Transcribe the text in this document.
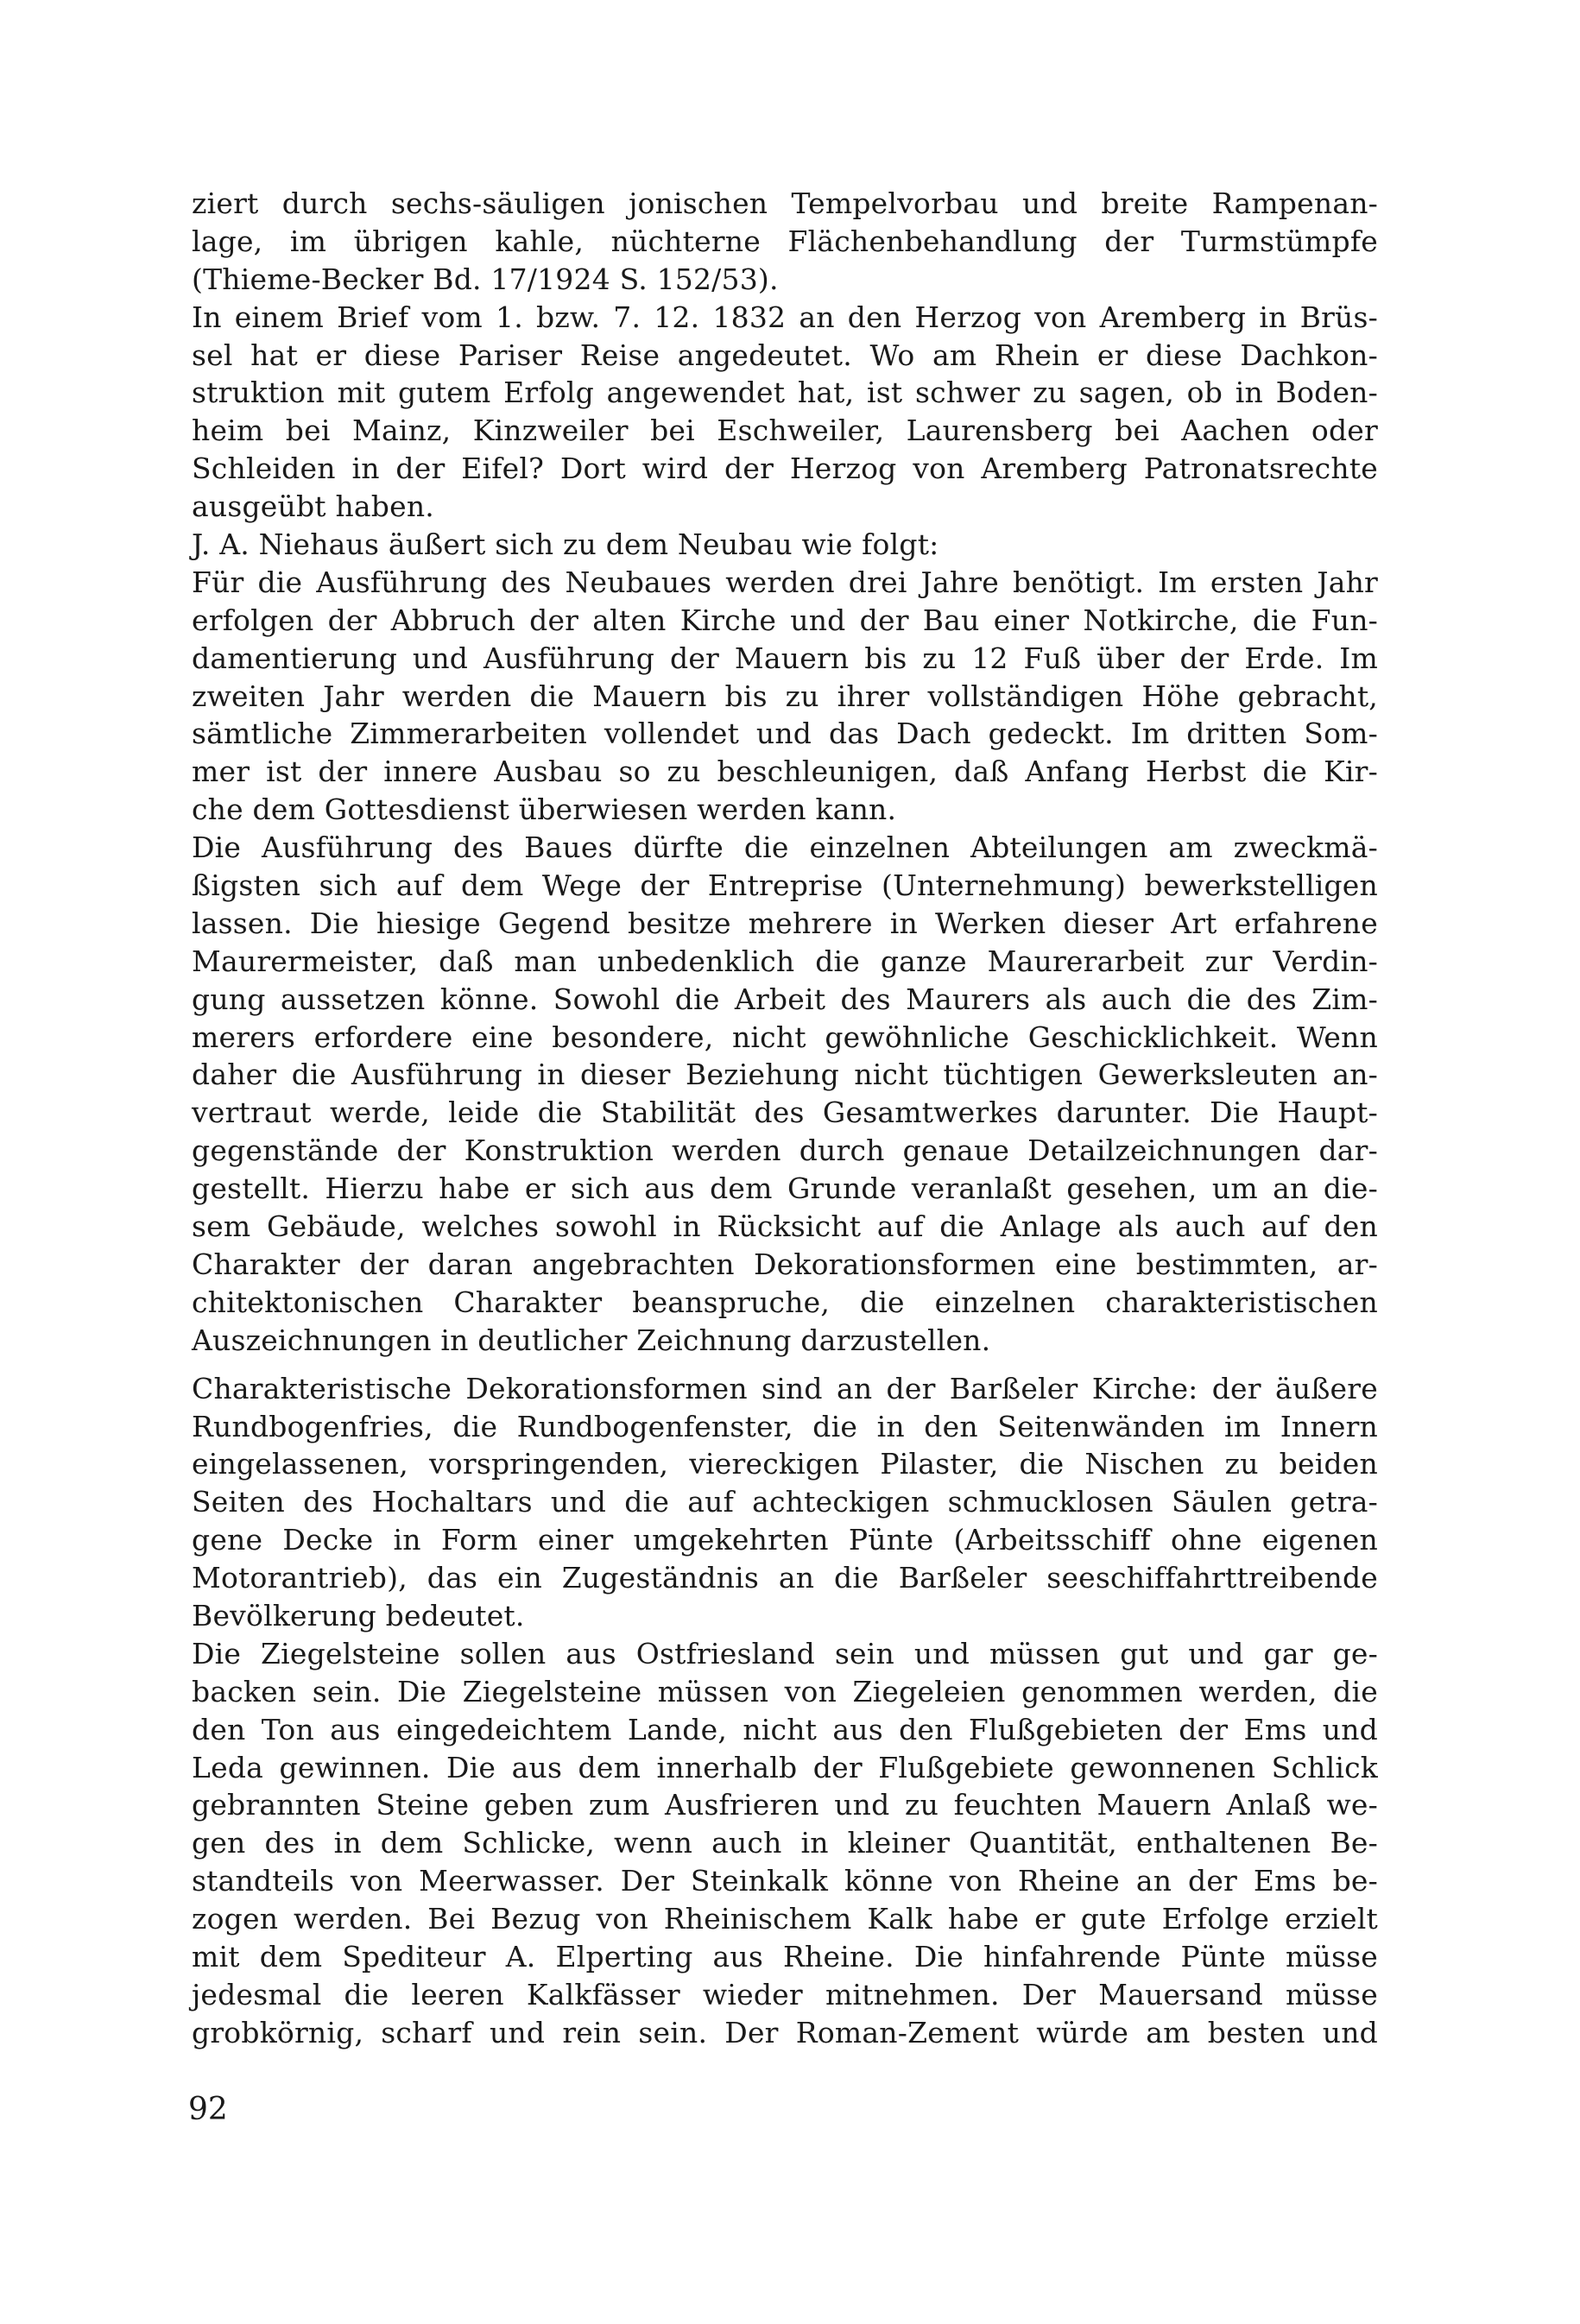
ziert durch sechs-säuligen jonischen Tempelvorbau und breite Rampenan-
lage, im übrigen kahle, nüchterne Flächenbehandlung der Turmstümpfe
(Thieme-Becker Bd. 17/1924 S. 152/53).
In einem Brief vom 1. bzw. 7. 12. 1832 an den Herzog von Aremberg in Brüs-
sel hat er diese Pariser Reise angedeutet. Wo am Rhein er diese Dachkon-
struktion mit gutem Erfolg angewendet hat, ist schwer zu sagen, ob in Boden-
heim bei Mainz, Kinzweiler bei Eschweiler, Laurensberg bei Aachen oder
Schleiden in der Eifel? Dort wird der Herzog von Aremberg Patronatsrechte
ausgeübt haben.
J. A. Niehaus äußert sich zu dem Neubau wie folgt:
Für die Ausführung des Neubaues werden drei Jahre benötigt. Im ersten Jahr
erfolgen der Abbruch der alten Kirche und der Bau einer Notkirche, die Fun-
damentierung und Ausführung der Mauern bis zu 12 Fuß über der Erde. Im
zweiten Jahr werden die Mauern bis zu ihrer vollständigen Höhe gebracht,
sämtliche Zimmerarbeiten vollendet und das Dach gedeckt. Im dritten Som-
mer ist der innere Ausbau so zu beschleunigen, daß Anfang Herbst die Kir-
che dem Gottesdienst überwiesen werden kann.
Die Ausführung des Baues dürfte die einzelnen Abteilungen am zweckmä-
ßigsten sich auf dem Wege der Entreprise (Unternehmung) bewerkstelligen
lassen. Die hiesige Gegend besitze mehrere in Werken dieser Art erfahrene
Maurermeister, daß man unbedenklich die ganze Maurerarbeit zur Verdin-
gung aussetzen könne. Sowohl die Arbeit des Maurers als auch die des Zim-
merers erfordere eine besondere, nicht gewöhnliche Geschicklichkeit. Wenn
daher die Ausführung in dieser Beziehung nicht tüchtigen Gewerksleuten an-
vertraut werde, leide die Stabilität des Gesamtwerkes darunter. Die Haupt-
gegenstände der Konstruktion werden durch genaue Detailzeichnungen dar-
gestellt. Hierzu habe er sich aus dem Grunde veranlaßt gesehen, um an die-
sem Gebäude, welches sowohl in Rücksicht auf die Anlage als auch auf den
Charakter der daran angebrachten Dekorationsformen eine bestimmten, ar-
chitektonischen Charakter beanspruche, die einzelnen charakteristischen
Auszeichnungen in deutlicher Zeichnung darzustellen.
Charakteristische Dekorationsformen sind an der Barßeler Kirche: der äußere
Rundbogenfries, die Rundbogenfenster, die in den Seitenwänden im Innern
eingelassenen, vorspringenden, viereckigen Pilaster, die Nischen zu beiden
Seiten des Hochaltars und die auf achteckigen schmucklosen Säulen getra-
gene Decke in Form einer umgekehrten Pünte (Arbeitsschiff ohne eigenen
Motorantrieb), das ein Zugeständnis an die Barßeler seeschiffahrttreibende
Bevölkerung bedeutet.
Die Ziegelsteine sollen aus Ostfriesland sein und müssen gut und gar ge-
backen sein. Die Ziegelsteine müssen von Ziegeleien genommen werden, die
den Ton aus eingedeichtem Lande, nicht aus den Flußgebieten der Ems und
Leda gewinnen. Die aus dem innerhalb der Flußgebiete gewonnenen Schlick
gebrannten Steine geben zum Ausfrieren und zu feuchten Mauern Anlaß we-
gen des in dem Schlicke, wenn auch in kleiner Quantität, enthaltenen Be-
standteils von Meerwasser. Der Steinkalk könne von Rheine an der Ems be-
zogen werden. Bei Bezug von Rheinischem Kalk habe er gute Erfolge erzielt
mit dem Spediteur A. Elperting aus Rheine. Die hinfahrende Pünte müsse
jedesmal die leeren Kalkfässer wieder mitnehmen. Der Mauersand müsse
grobkörnig, scharf und rein sein. Der Roman-Zement würde am besten und
92
